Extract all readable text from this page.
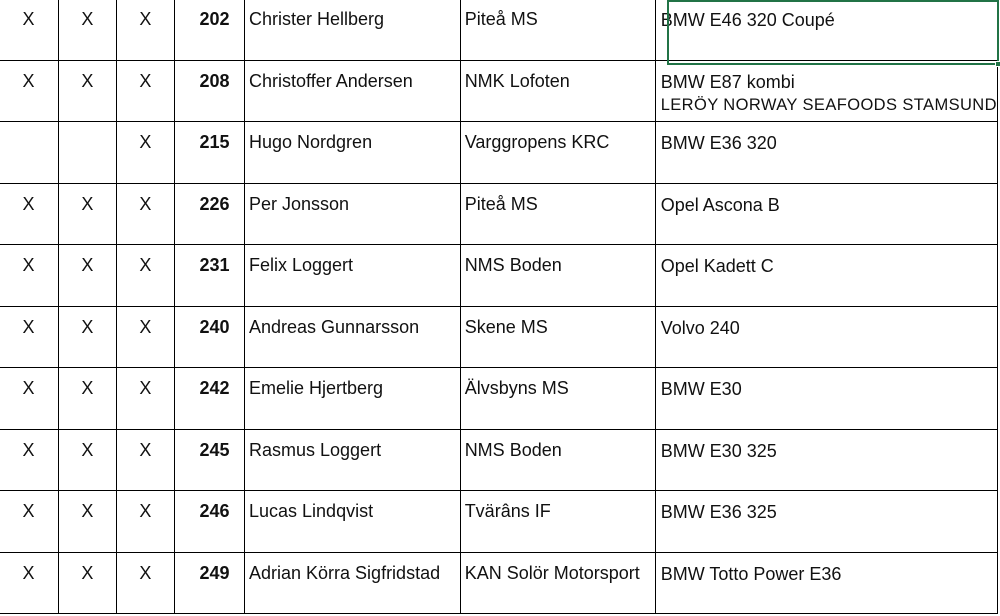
X	X	X	202	Christer Hellberg	Piteå MS	BMW E46 320 Coupé

X	X	X	208	Christoffer Andersen	NMK Lofoten	BMW E87 kombi
LERÖY NORWAY SEAFOODS STAMSUND

		X	215	Hugo Nordgren	Varggropens KRC	BMW E36 320

X	X	X	226	Per Jonsson	Piteå MS	Opel Ascona B

X	X	X	231	Felix Loggert	NMS Boden	Opel Kadett C

X	X	X	240	Andreas Gunnarsson	Skene MS	Volvo 240

X	X	X	242	Emelie Hjertberg	Älvsbyns MS	BMW E30

X	X	X	245	Rasmus Loggert	NMS Boden	BMW E30 325

X	X	X	246	Lucas Lindqvist	Tvärâns IF	BMW E36 325

X	X	X	249	Adrian Körra Sigfridstad	KAN Solör Motorsport	BMW Totto Power E36
